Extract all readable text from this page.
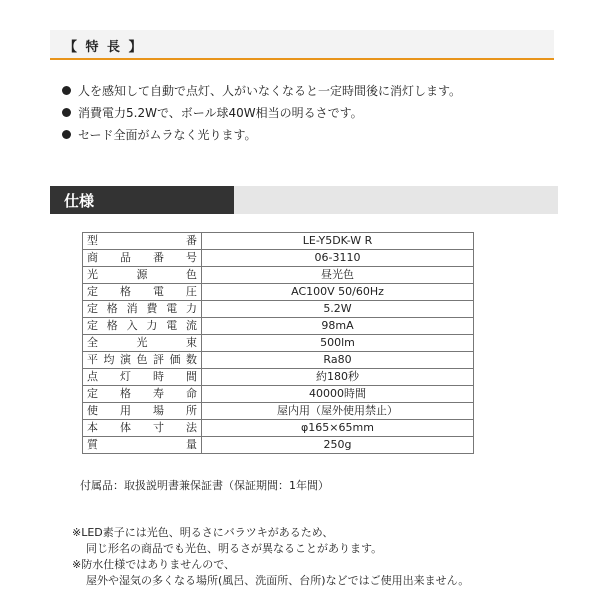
【 特 長 】
人を感知して自動で点灯、人がいなくなると一定時間後に消灯します。
消費電力5.2Wで、ボール球40W相当の明るさです。
セード全面がムラなく光ります。
仕様
型番	LE-Y5DK-W R
商品番号	06-3110
光源色	昼光色
定格電圧	AC100V 50/60Hz
定格消費電力	5.2W
定格入力電流	98mA
全光束	500lm
平均演色評価数	Ra80
点灯時間	約180秒
定格寿命	40000時間
使用場所	屋内用（屋外使用禁止）
本体寸法	φ165×65mm
質量	250g
付属品：取扱説明書兼保証書（保証期間：1年間）
※LED素子には光色、明るさにバラツキがあるため、
同じ形名の商品でも光色、明るさが異なることがあります。
※防水仕様ではありませんので、
屋外や湿気の多くなる場所(風呂、洗面所、台所)などではご使用出来ません。
